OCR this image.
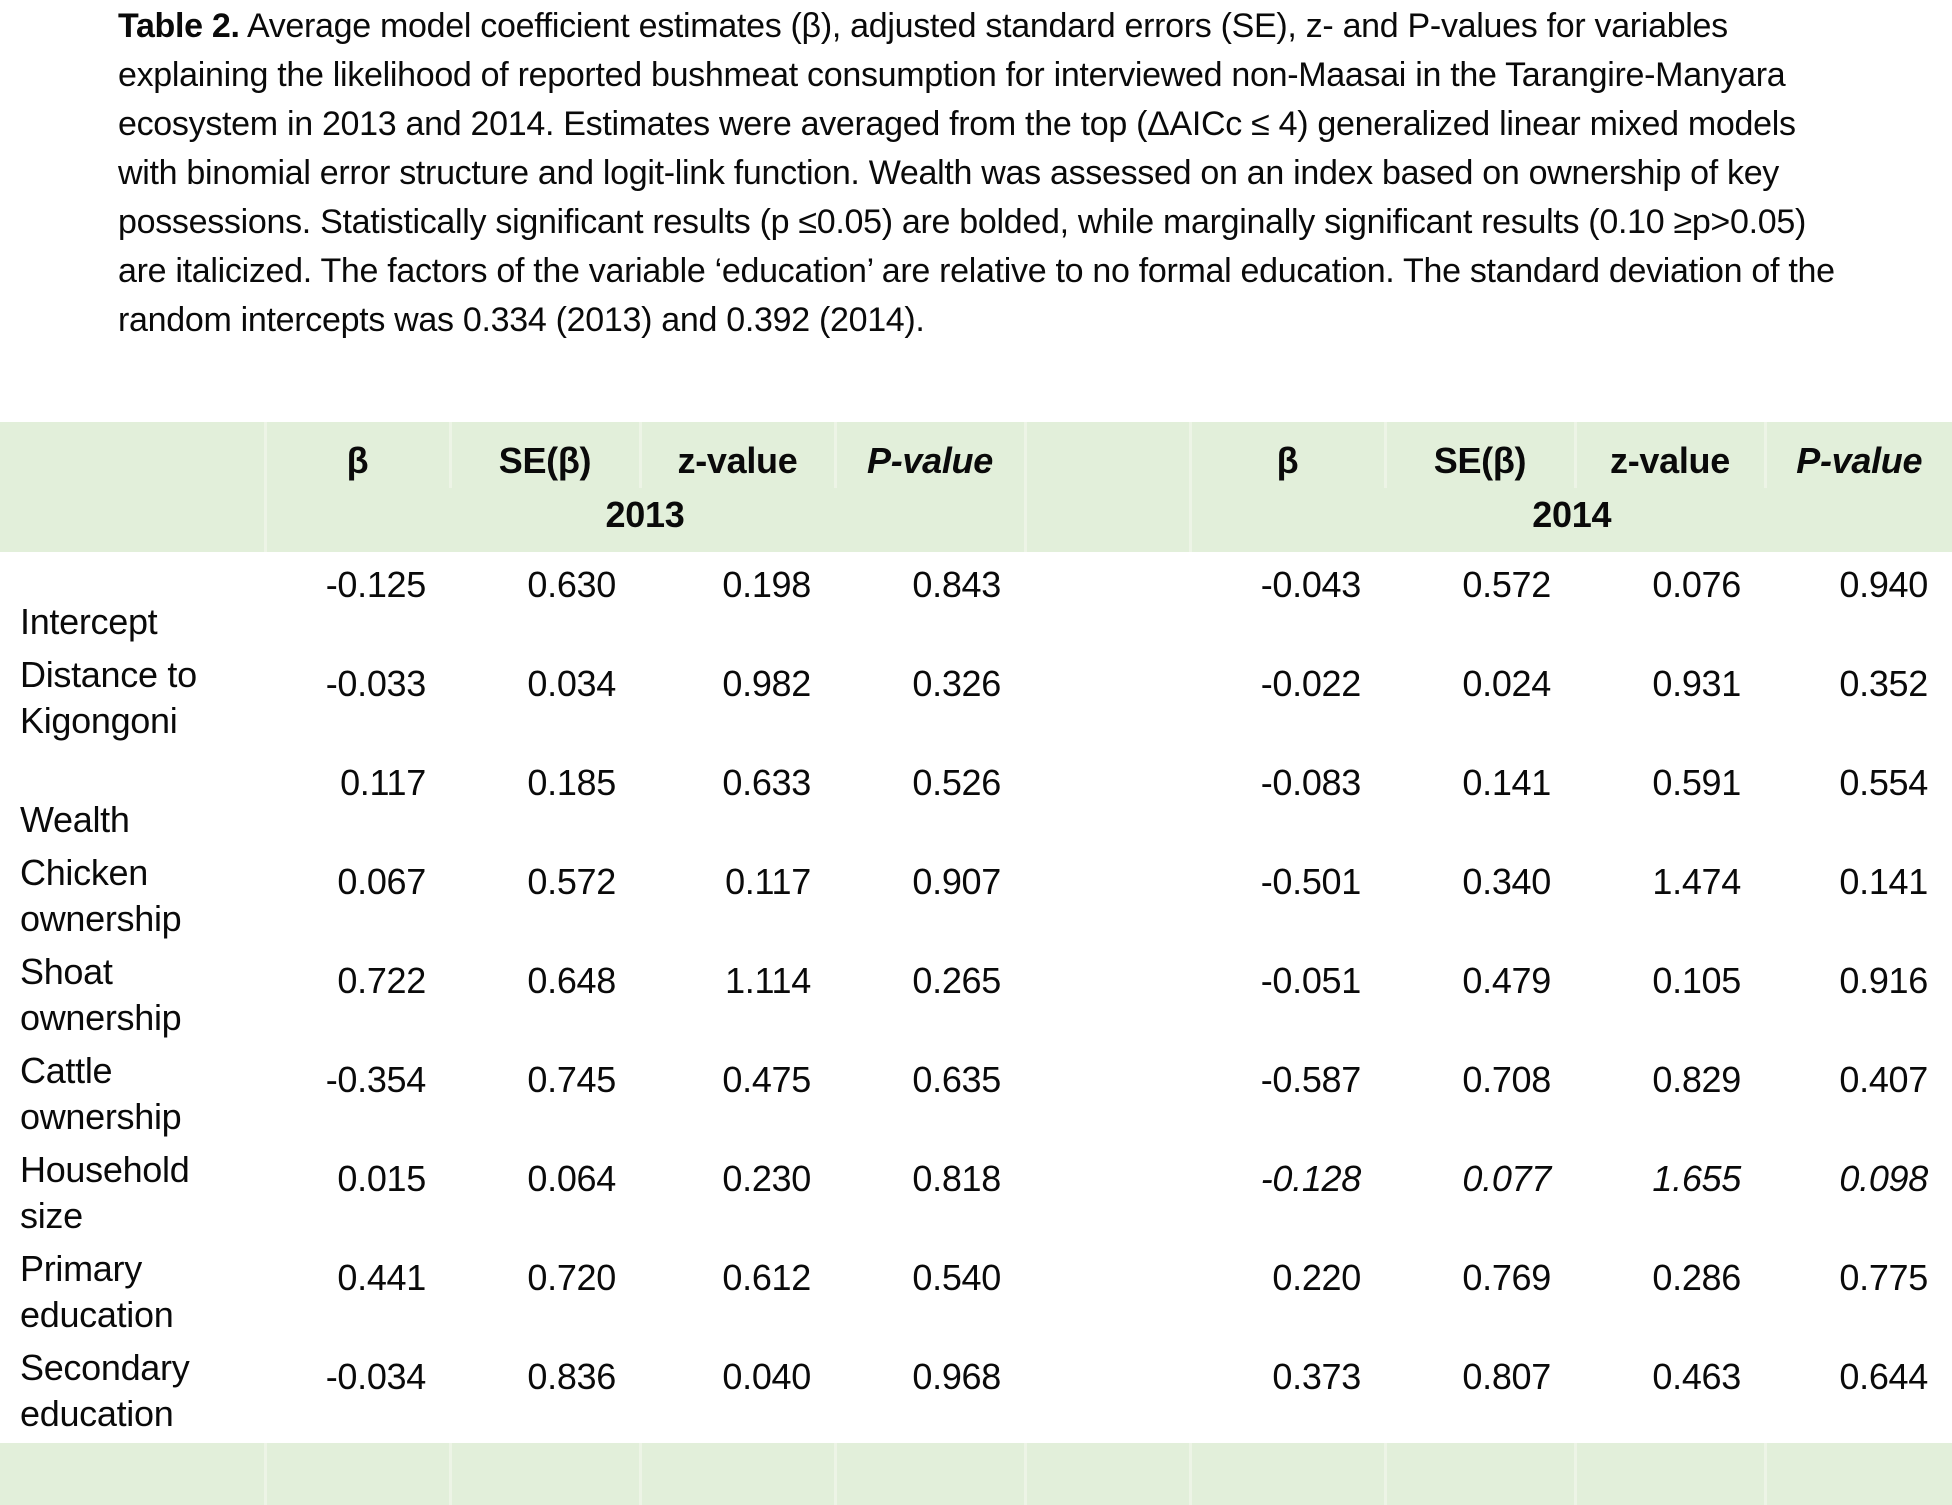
Table 2. Average model coefficient estimates (β), adjusted standard errors (SE), z- and P-values for variables explaining the likelihood of reported bushmeat consumption for interviewed non-Maasai in the Tarangire-Manyara ecosystem in 2013 and 2014. Estimates were averaged from the top (ΔAICc ≤ 4) generalized linear mixed models with binomial error structure and logit-link function. Wealth was assessed on an index based on ownership of key possessions. Statistically significant results (p ≤0.05) are bolded, while marginally significant results (0.10 ≥p>0.05) are italicized. The factors of the variable ‘education’ are relative to no formal education. The standard deviation of the random intercepts was 0.334 (2013) and 0.392 (2014).

	β	SE(β)	z-value	P-value		β	SE(β)	z-value	P-value
	2013					2014			
Intercept	-0.125	0.630	0.198	0.843		-0.043	0.572	0.076	0.940
Distance to Kigongoni	-0.033	0.034	0.982	0.326		-0.022	0.024	0.931	0.352
Wealth	0.117	0.185	0.633	0.526		-0.083	0.141	0.591	0.554
Chicken ownership	0.067	0.572	0.117	0.907		-0.501	0.340	1.474	0.141
Shoat ownership	0.722	0.648	1.114	0.265		-0.051	0.479	0.105	0.916
Cattle ownership	-0.354	0.745	0.475	0.635		-0.587	0.708	0.829	0.407
Household size	0.015	0.064	0.230	0.818		-0.128	0.077	1.655	0.098
Primary education	0.441	0.720	0.612	0.540		0.220	0.769	0.286	0.775
Secondary education	-0.034	0.836	0.040	0.968		0.373	0.807	0.463	0.644
